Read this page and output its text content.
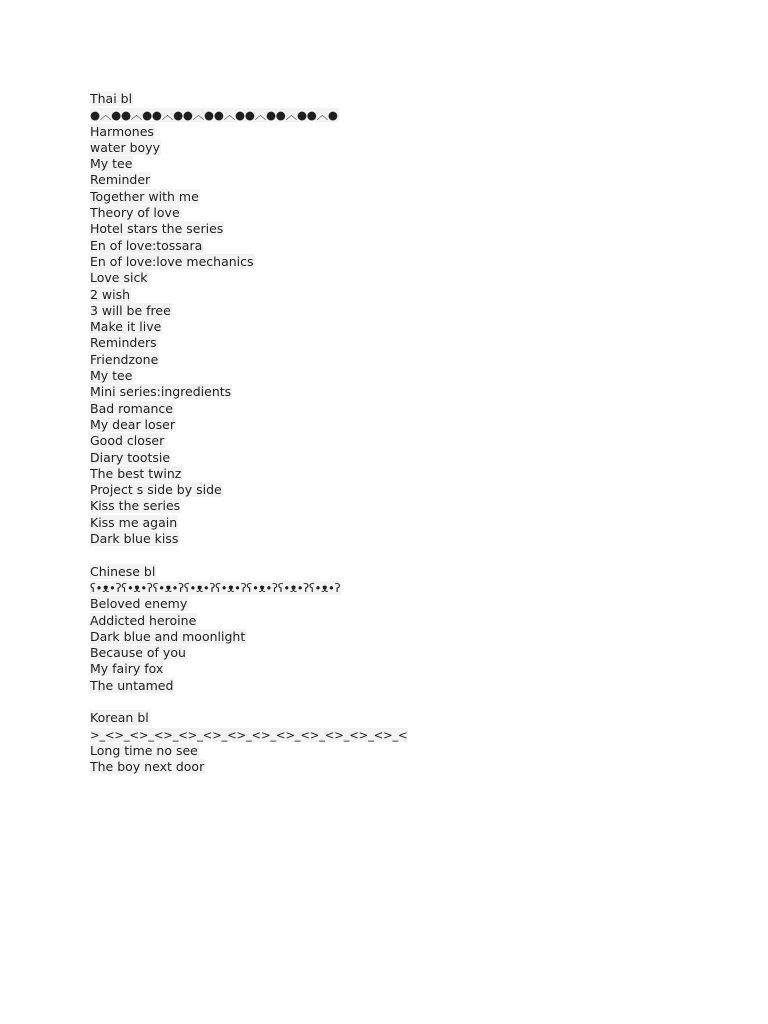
Thai bl
●︿●●︿●●︿●●︿●●︿●●︿●●︿●●︿●
Harmones
water boyy
My tee
Reminder
Together with me
Theory of love
Hotel stars the series
En of love:tossara
En of love:love mechanics
Love sick
2 wish
3 will be free
Make it live
Reminders
Friendzone
My tee
Mini series:ingredients
Bad romance
My dear loser
Good closer
Diary tootsie
The best twinz
Project s side by side
Kiss the series
Kiss me again
Dark blue kiss
Chinese bl
ʕ•ᴥ•ʔʕ•ᴥ•ʔʕ•ᴥ•ʔʕ•ᴥ•ʔʕ•ᴥ•ʔʕ•ᴥ•ʔʕ•ᴥ•ʔʕ•ᴥ•ʔ
Beloved enemy
Addicted heroine
Dark blue and moonlight
Because of you
My fairy fox
The untamed
Korean bl
>_<>_<>_<>_<>_<>_<>_<>_<>_<>_<>_<>_<>_<
Long time no see
The boy next door
